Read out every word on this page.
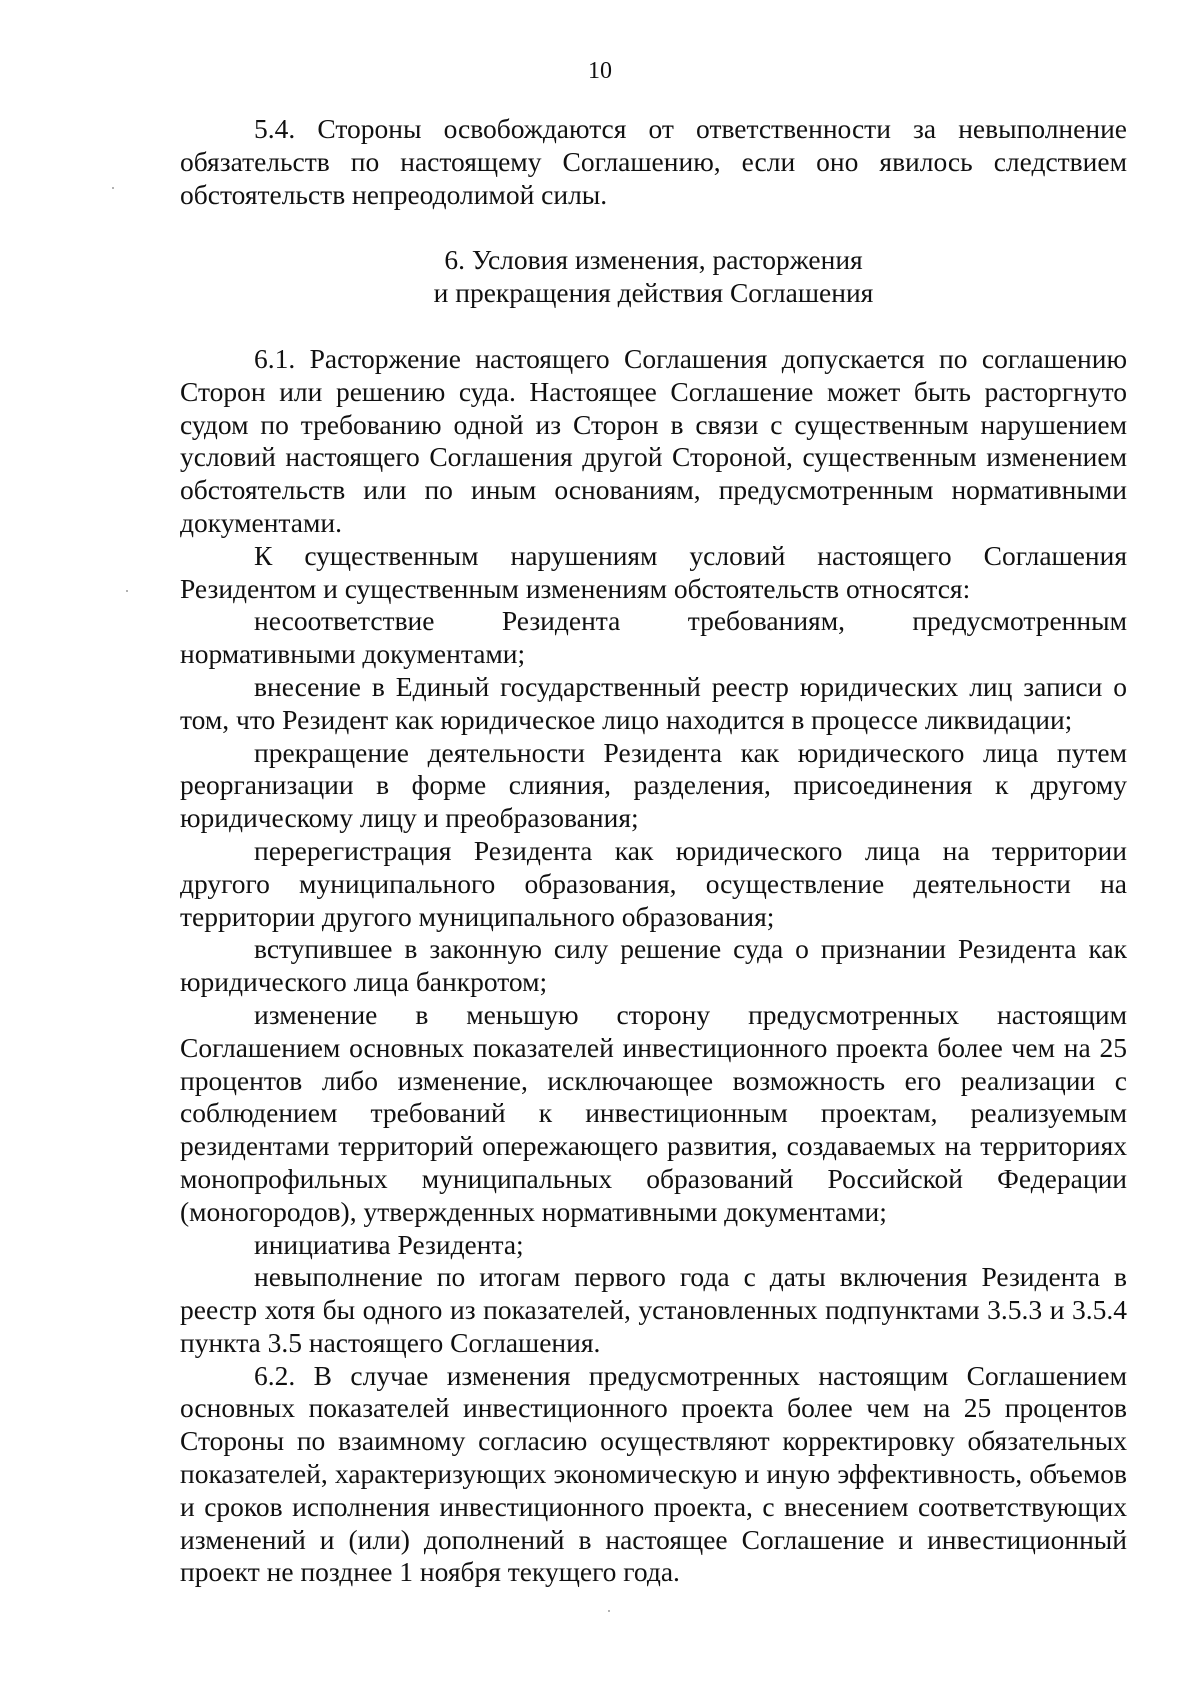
10

5.4. Стороны освобождаются от ответственности за невыполнение обязательств по настоящему Соглашению, если оно явилось следствием обстоятельств непреодолимой силы.

6. Условия изменения, расторжения

и прекращения действия Соглашения

6.1. Расторжение настоящего Соглашения допускается по соглашению Сторон или решению суда. Настоящее Соглашение может быть расторгнуто судом по требованию одной из Сторон в связи с существенным нарушением условий настоящего Соглашения другой Стороной, существенным изменением обстоятельств или по иным основаниям, предусмотренным нормативными документами.

К существенным нарушениям условий настоящего Соглашения Резидентом и существенным изменениям обстоятельств относятся:

несоответствие Резидента требованиям, предусмотренным нормативными документами;

внесение в Единый государственный реестр юридических лиц записи о том, что Резидент как юридическое лицо находится в процессе ликвидации;

прекращение деятельности Резидента как юридического лица путем реорганизации в форме слияния, разделения, присоединения к другому юридическому лицу и преобразования;

перерегистрация Резидента как юридического лица на территории другого муниципального образования, осуществление деятельности на территории другого муниципального образования;

вступившее в законную силу решение суда о признании Резидента как юридического лица банкротом;

изменение в меньшую сторону предусмотренных настоящим Соглашением основных показателей инвестиционного проекта более чем на 25 процентов либо изменение, исключающее возможность его реализации с соблюдением требований к инвестиционным проектам, реализуемым резидентами территорий опережающего развития, создаваемых на территориях монопрофильных муниципальных образований Российской Федерации (моногородов), утвержденных нормативными документами;

инициатива Резидента;

невыполнение по итогам первого года с даты включения Резидента в реестр хотя бы одного из показателей, установленных подпунктами 3.5.3 и 3.5.4 пункта 3.5 настоящего Соглашения.

6.2. В случае изменения предусмотренных настоящим Соглашением основных показателей инвестиционного проекта более чем на 25 процентов Стороны по взаимному согласию осуществляют корректировку обязательных показателей, характеризующих экономическую и иную эффективность, объемов и сроков исполнения инвестиционного проекта, с внесением соответствующих изменений и (или) дополнений в настоящее Соглашение и инвестиционный проект не позднее 1 ноября текущего года.
